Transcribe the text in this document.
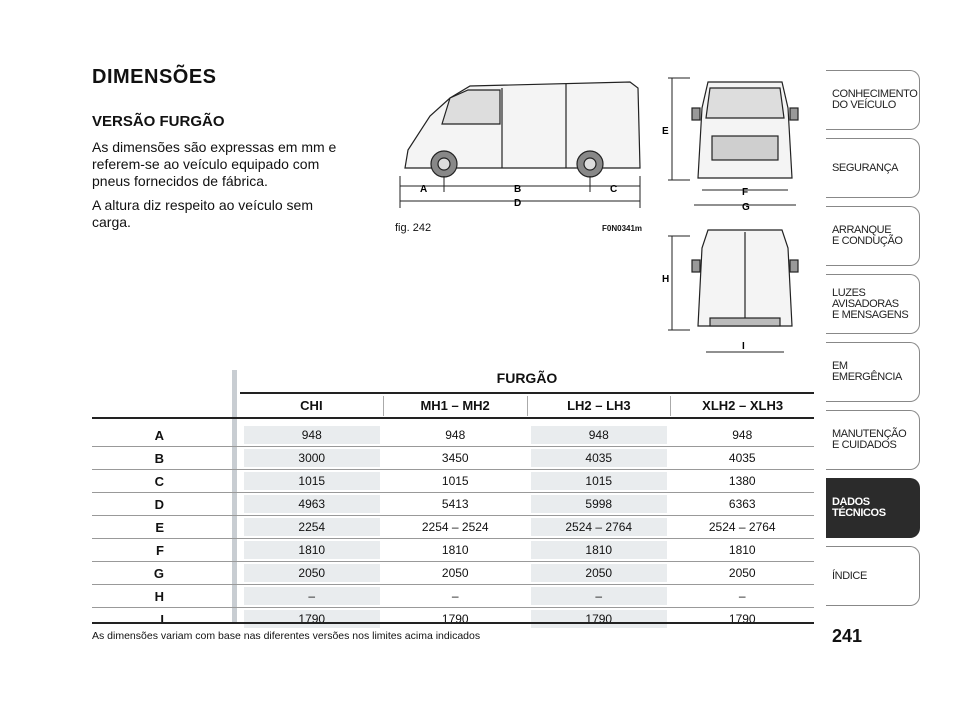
DIMENSÕES
VERSÃO FURGÃO

As dimensões são expressas em mm e referem-se ao veículo equipado com pneus fornecidos de fábrica.

A altura diz respeito ao veículo sem carga.

A	B	C
D
E
F
G
H
I
fig. 242	F0N0341m
CONHECIMENTO
DO VEÍCULO
SEGURANÇA
ARRANQUE
E CONDUÇÃO
LUZES
AVISADORAS
E MENSAGENS
EM EMERGÊNCIA
MANUTENÇÃO
E CUIDADOS
DADOS
TÉCNICOS
ÍNDICE
FURGÃO
CHI	MH1 – MH2	LH2 – LH3	XLH2 – XLH3
A	948	948	948	948
B	3000	3450	4035	4035
C	1015	1015	1015	1380
D	4963	5413	5998	6363
E	2254	2254 – 2524	2524 – 2764	2524 – 2764
F	1810	1810	1810	1810
G	2050	2050	2050	2050
H	–	–	–	–
I	1790	1790	1790	1790
As dimensões variam com base nas diferentes versões nos limites acima indicados	241
